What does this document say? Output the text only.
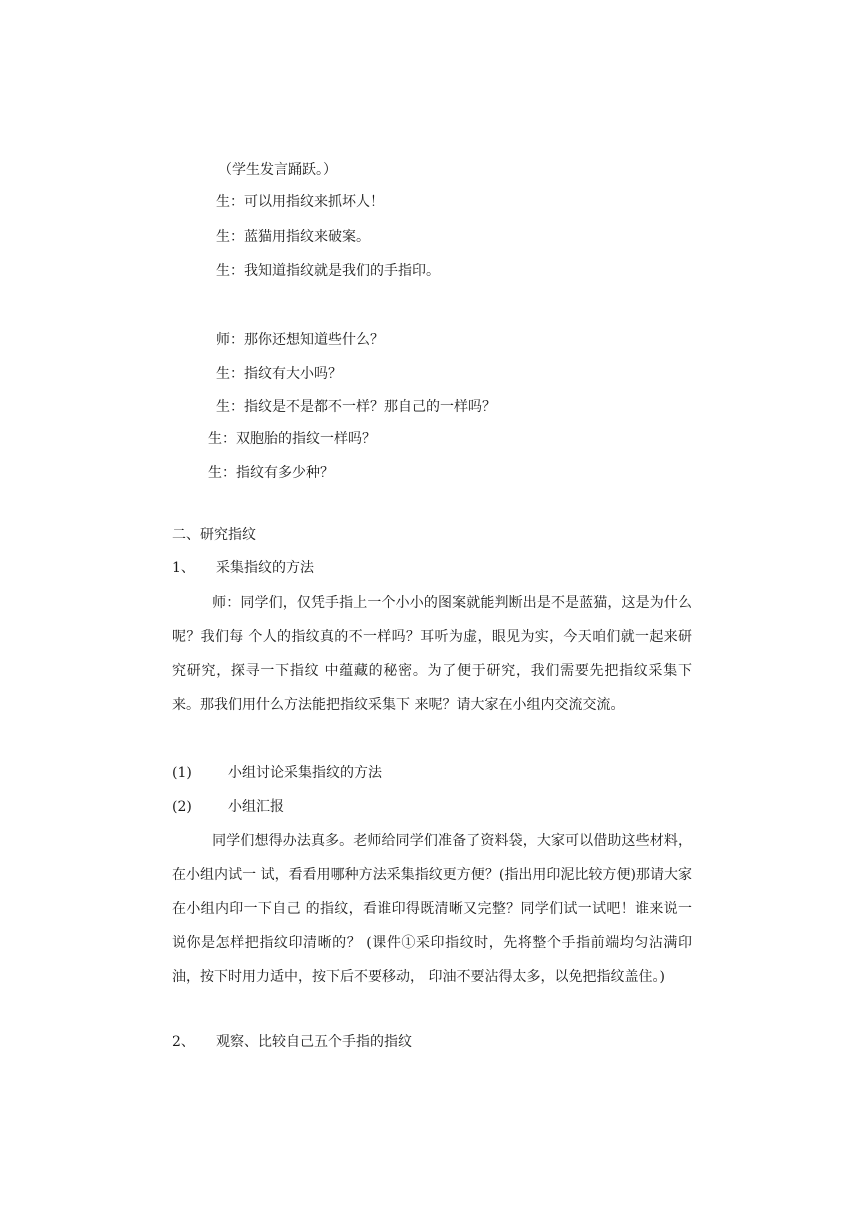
（学生发言踊跃。）
生：可以用指纹来抓坏人！
生：蓝猫用指纹来破案。
生：我知道指纹就是我们的手指印。
师：那你还想知道些什么？
生：指纹有大小吗？
生：指纹是不是都不一样？那自己的一样吗？
生：双胞胎的指纹一样吗？
生：指纹有多少种？
二、研究指纹
1、 采集指纹的方法
师：同学们，仅凭手指上一个小小的图案就能判断出是不是蓝猫，这是为什么呢？我们每 个人的指纹真的不一样吗？耳听为虚，眼见为实，今天咱们就一起来研究研究，探寻一下指纹 中蕴藏的秘密。为了便于研究，我们需要先把指纹采集下来。那我们用什么方法能把指纹采集下 来呢？请大家在小组内交流交流。
(1)	小组讨论采集指纹的方法
(2)	小组汇报
同学们想得办法真多。老师给同学们准备了资料袋，大家可以借助这些材料，在小组内试一 试，看看用哪种方法采集指纹更方便？(指出用印泥比较方便)那请大家在小组内印一下自己 的指纹，看谁印得既清晰又完整？同学们试一试吧！谁来说一说你是怎样把指纹印清晰的？ (课件①采印指纹时，先将整个手指前端均匀沾满印油，按下时用力适中，按下后不要移动， 印油不要沾得太多，以免把指纹盖住。)
2、 观察、比较自己五个手指的指纹
